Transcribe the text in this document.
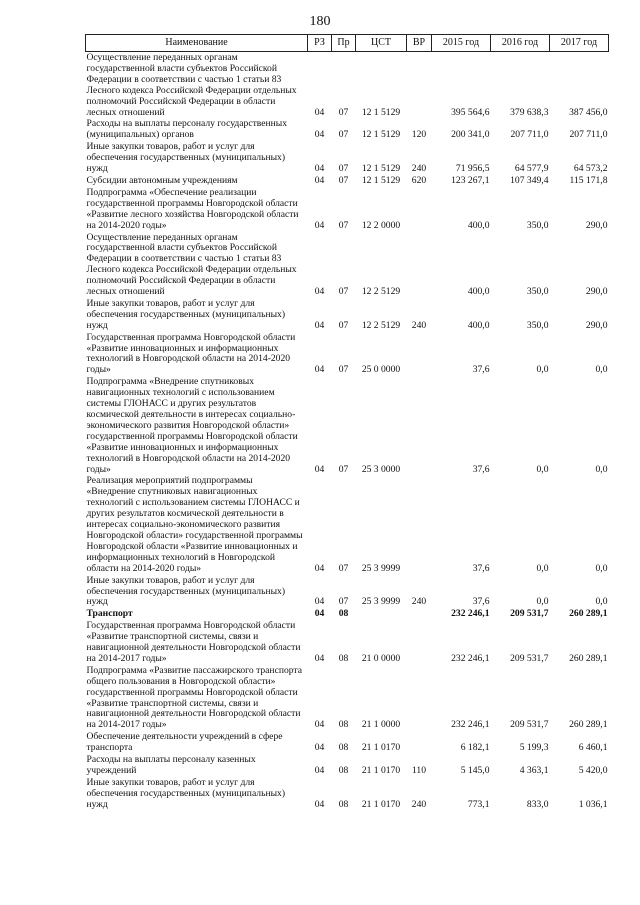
180
Наименование	РЗ	Пр	ЦСТ	ВР	2015 год	2016 год	2017 год
Осуществление переданных органам государственной власти субъектов Российской Федерации в соответствии с частью 1 статьи 83 Лесного кодекса Российской Федерации отдельных полномочий Российской Федерации в области лесных отношений	04	07	12 1 5129		395 564,6	379 638,3	387 456,0
Расходы на выплаты персоналу государственных (муниципальных) органов	04	07	12 1 5129	120	200 341,0	207 711,0	207 711,0
Иные закупки товаров, работ и услуг для обеспечения государственных (муниципальных) нужд	04	07	12 1 5129	240	71 956,5	64 577,9	64 573,2
Субсидии автономным учреждениям	04	07	12 1 5129	620	123 267,1	107 349,4	115 171,8
Подпрограмма «Обеспечение реализации государственной программы Новгородской области «Развитие лесного хозяйства Новгородской области на 2014-2020 годы»	04	07	12 2 0000		400,0	350,0	290,0
Осуществление переданных органам государственной власти субъектов Российской Федерации в соответствии с частью 1 статьи 83 Лесного кодекса Российской Федерации отдельных полномочий Российской Федерации в области лесных отношений	04	07	12 2 5129		400,0	350,0	290,0
Иные закупки товаров, работ и услуг для обеспечения государственных (муниципальных) нужд	04	07	12 2 5129	240	400,0	350,0	290,0
Государственная программа Новгородской области «Развитие инновационных и информационных технологий в Новгородской области на 2014-2020 годы»	04	07	25 0 0000		37,6	0,0	0,0
Подпрограмма «Внедрение спутниковых навигационных технологий с использованием системы ГЛОНАСС и других результатов космической деятельности в интересах социально-экономического развития Новгородской области» государственной программы Новгородской области «Развитие инновационных и информационных технологий в Новгородской области на 2014-2020 годы»	04	07	25 3 0000		37,6	0,0	0,0
Реализация мероприятий подпрограммы «Внедрение спутниковых навигационных технологий с использованием системы ГЛОНАСС и других результатов космической деятельности в интересах социально-экономического развития Новгородской области» государственной программы Новгородской области «Развитие инновационных и информационных технологий в Новгородской области на 2014-2020 годы»	04	07	25 3 9999		37,6	0,0	0,0
Иные закупки товаров, работ и услуг для обеспечения государственных (муниципальных) нужд	04	07	25 3 9999	240	37,6	0,0	0,0
Транспорт	04	08			232 246,1	209 531,7	260 289,1
Государственная программа Новгородской области «Развитие транспортной системы, связи и навигационной деятельности Новгородской области на 2014-2017 годы»	04	08	21 0 0000		232 246,1	209 531,7	260 289,1
Подпрограмма «Развитие пассажирского транспорта общего пользования в Новгородской области» государственной программы Новгородской области «Развитие транспортной системы, связи и навигационной деятельности Новгородской области на 2014-2017 годы»	04	08	21 1 0000		232 246,1	209 531,7	260 289,1
Обеспечение деятельности учреждений в сфере транспорта	04	08	21 1 0170		6 182,1	5 199,3	6 460,1
Расходы на выплаты персоналу казенных учреждений	04	08	21 1 0170	110	5 145,0	4 363,1	5 420,0
Иные закупки товаров, работ и услуг для обеспечения государственных (муниципальных) нужд	04	08	21 1 0170	240	773,1	833,0	1 036,1
